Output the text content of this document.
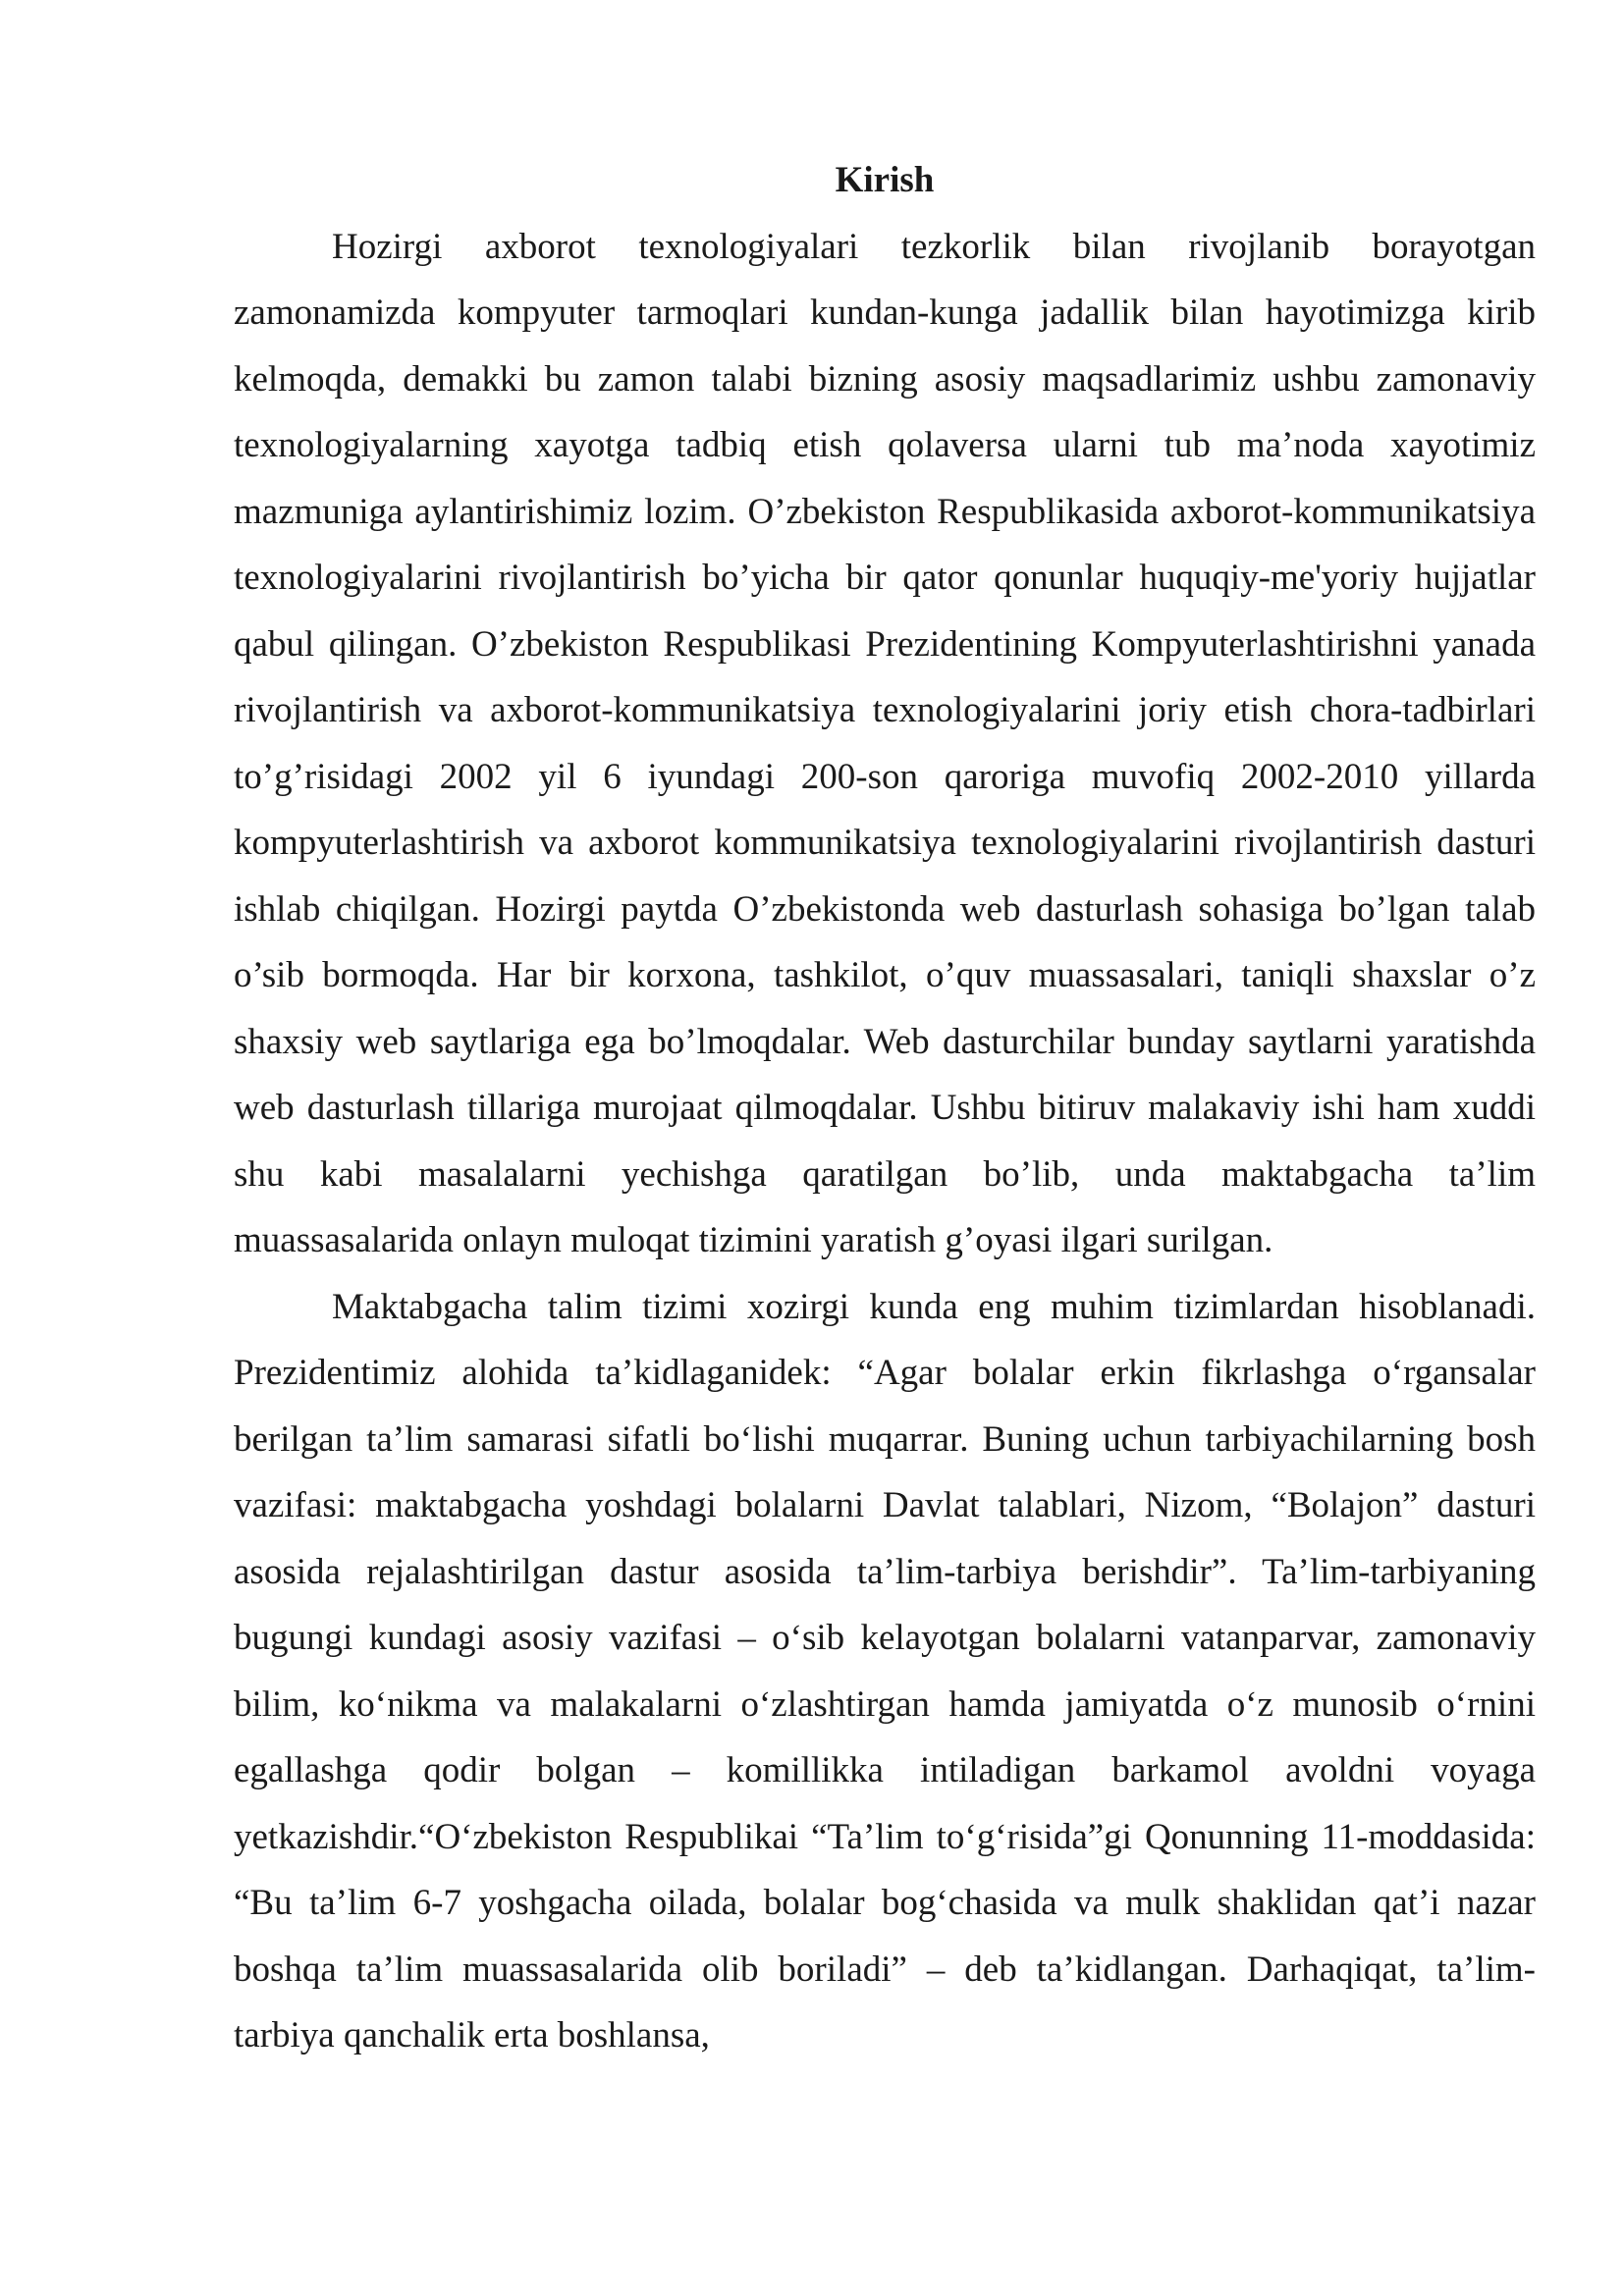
Kirish

Hozirgi axborot texnologiyalari tezkorlik bilan rivojlanib borayotgan zamonamizda kompyuter tarmoqlari kundan-kunga jadallik bilan hayotimizga kirib kelmoqda, demakki bu zamon talabi bizning asosiy maqsadlarimiz ushbu zamonaviy texnologiyalarning xayotga tadbiq etish qolaversa ularni tub ma’noda xayotimiz mazmuniga aylantirishimiz lozim. O’zbekiston Respublikasida axborot-kommunikatsiya texnologiyalarini rivojlantirish bo’yicha bir qator qonunlar huquqiy-me'yoriy hujjatlar qabul qilingan. O’zbekiston Respublikasi Prezidentining Kompyuterlashtirishni yanada rivojlantirish va axborot-kommunikatsiya texnologiyalarini joriy etish chora-tadbirlari to’g’risidagi 2002 yil 6 iyundagi 200-son qaroriga muvofiq 2002-2010 yillarda kompyuterlashtirish va axborot kommunikatsiya texnologiyalarini rivojlantirish dasturi ishlab chiqilgan. Hozirgi paytda O’zbekistonda web dasturlash sohasiga bo’lgan talab o’sib bormoqda. Har bir korxona, tashkilot, o’quv muassasalari, taniqli shaxslar o’z shaxsiy web saytlariga ega bo’lmoqdalar. Web dasturchilar bunday saytlarni yaratishda web dasturlash tillariga murojaat qilmoqdalar. Ushbu bitiruv malakaviy ishi ham xuddi shu kabi masalalarni yechishga qaratilgan bo’lib, unda maktabgacha ta’lim muassasalarida onlayn muloqat tizimini yaratish g’oyasi ilgari surilgan.

Maktabgacha talim tizimi xozirgi kunda eng muhim tizimlardan hisoblanadi. Prezidentimiz alohida ta’kidlaganidek: “Agar bolalar erkin fikrlashga o‘rgansalar berilgan ta’lim samarasi sifatli bo‘lishi muqarrar. Buning uchun tarbiyachilarning bosh vazifasi: maktabgacha yoshdagi bolalarni Davlat talablari, Nizom, “Bolajon” dasturi asosida rejalashtirilgan dastur asosida ta’lim-tarbiya berishdir”. Ta’lim-tarbiyaning bugungi kundagi asosiy vazifasi – o‘sib kelayotgan bolalarni vatanparvar, zamonaviy bilim, ko‘nikma va malakalarni o‘zlashtirgan hamda jamiyatda o‘z munosib o‘rnini egallashga qodir bolgan – komillikka intiladigan barkamol avoldni voyaga yetkazishdir.“O‘zbekiston Respublikai “Ta’lim to‘g‘risida”gi Qonunning 11-moddasida: “Bu ta’lim 6-7 yoshgacha oilada, bolalar bog‘chasida va mulk shaklidan qat’i nazar boshqa ta’lim muassasalarida olib boriladi” – deb ta’kidlangan. Darhaqiqat, ta’lim-tarbiya qanchalik erta boshlansa,
